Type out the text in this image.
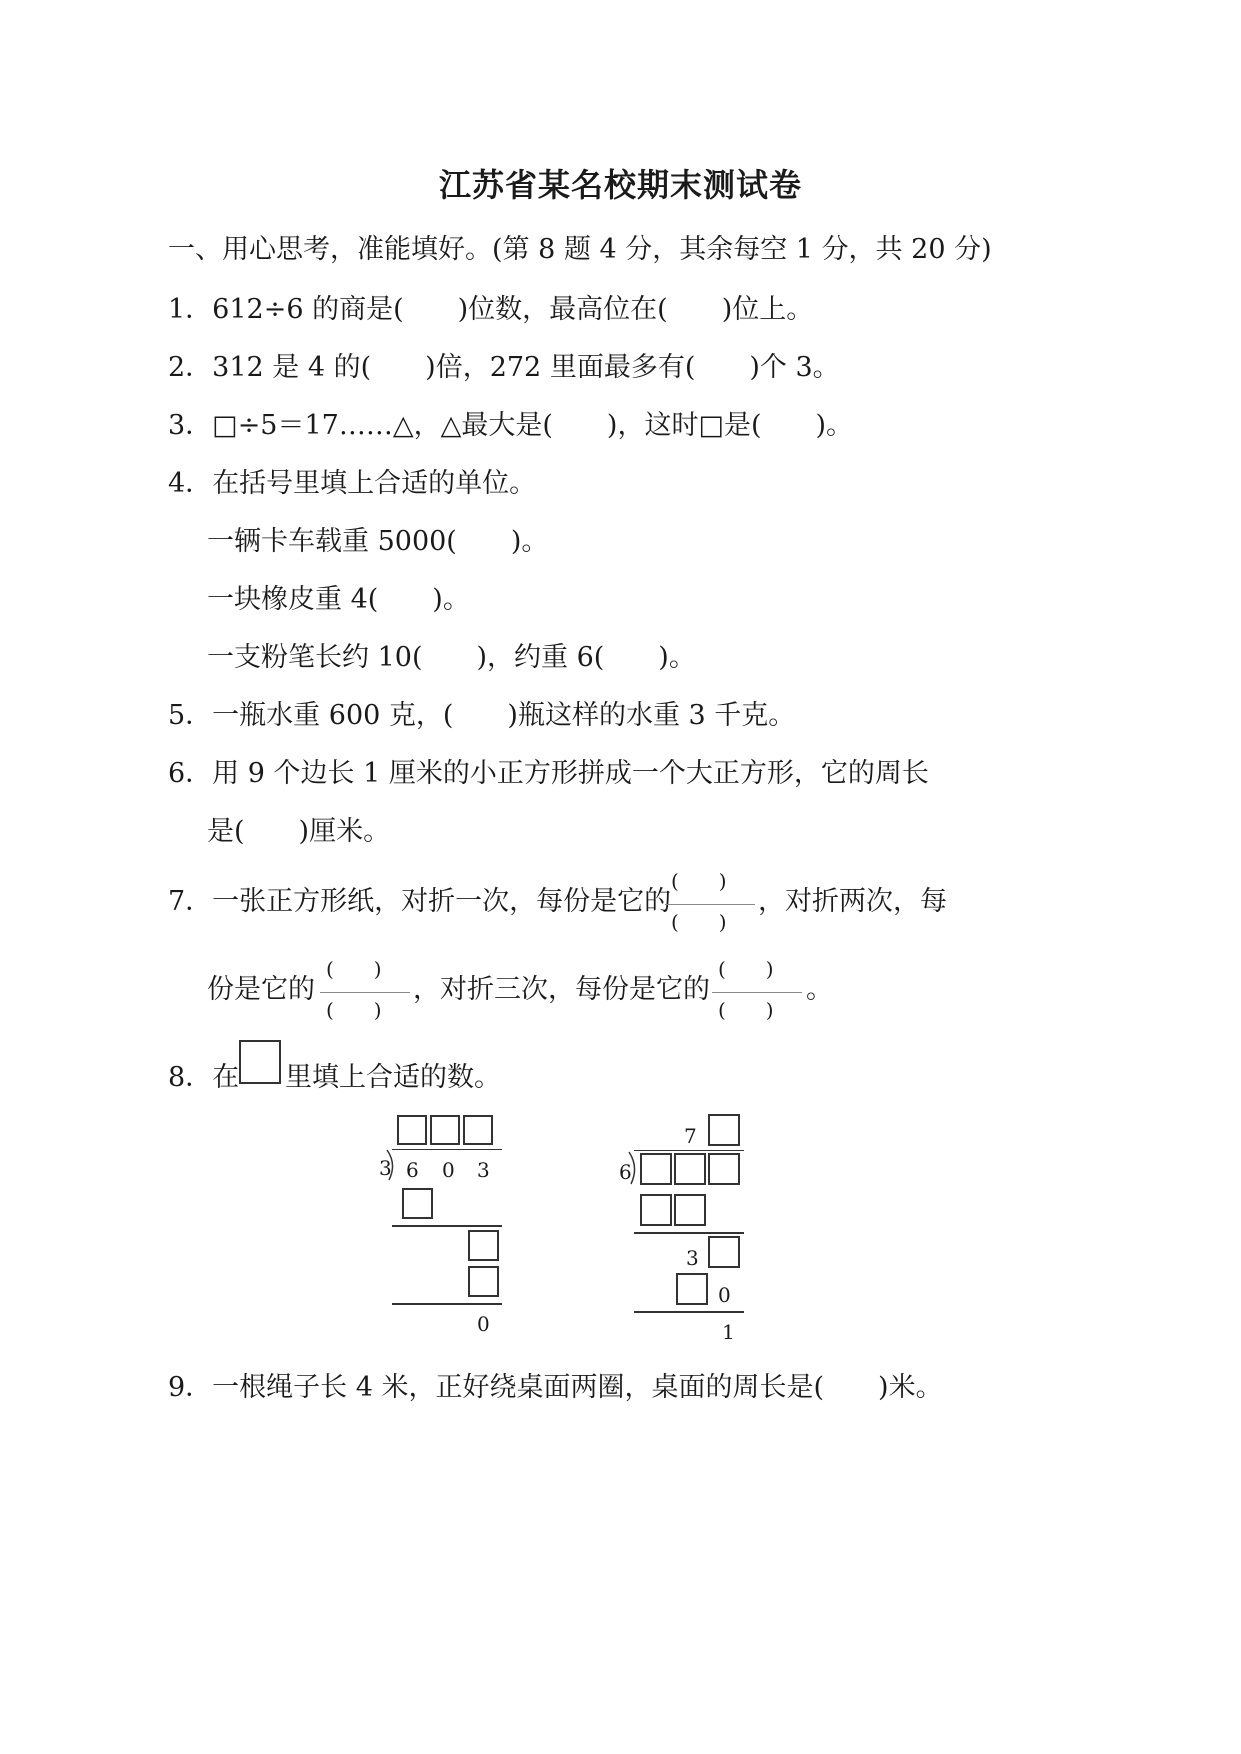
江苏省某名校期末测试卷
一、用心思考，准能填好。(第 8 题 4 分，其余每空 1 分，共 20 分)
1．612÷6 的商是(　　)位数，最高位在(　　)位上。
2．312 是 4 的(　　)倍，272 里面最多有(　　)个 3。
3．□÷5＝17……△，△最大是(　　)，这时□是(　　)。
4．在括号里填上合适的单位。
一辆卡车载重 5000(　　)。
一块橡皮重 4(　　)。
一支粉笔长约 10(　　)，约重 6(　　)。
5．一瓶水重 600 克，(　　)瓶这样的水重 3 千克。
6．用 9 个边长 1 厘米的小正方形拼成一个大正方形，它的周长
是(　　)厘米。
7．一张正方形纸，对折一次，每份是它的
(　　)
(　　)
，对折两次，每
份是它的
(　　)
(　　)
，对折三次，每份是它的
(　　)
(　　)
。
8．在 里填上合适的数。
3 6 0 3
0
7
6
3
0
1
9．一根绳子长 4 米，正好绕桌面两圈，桌面的周长是(　　)米。
